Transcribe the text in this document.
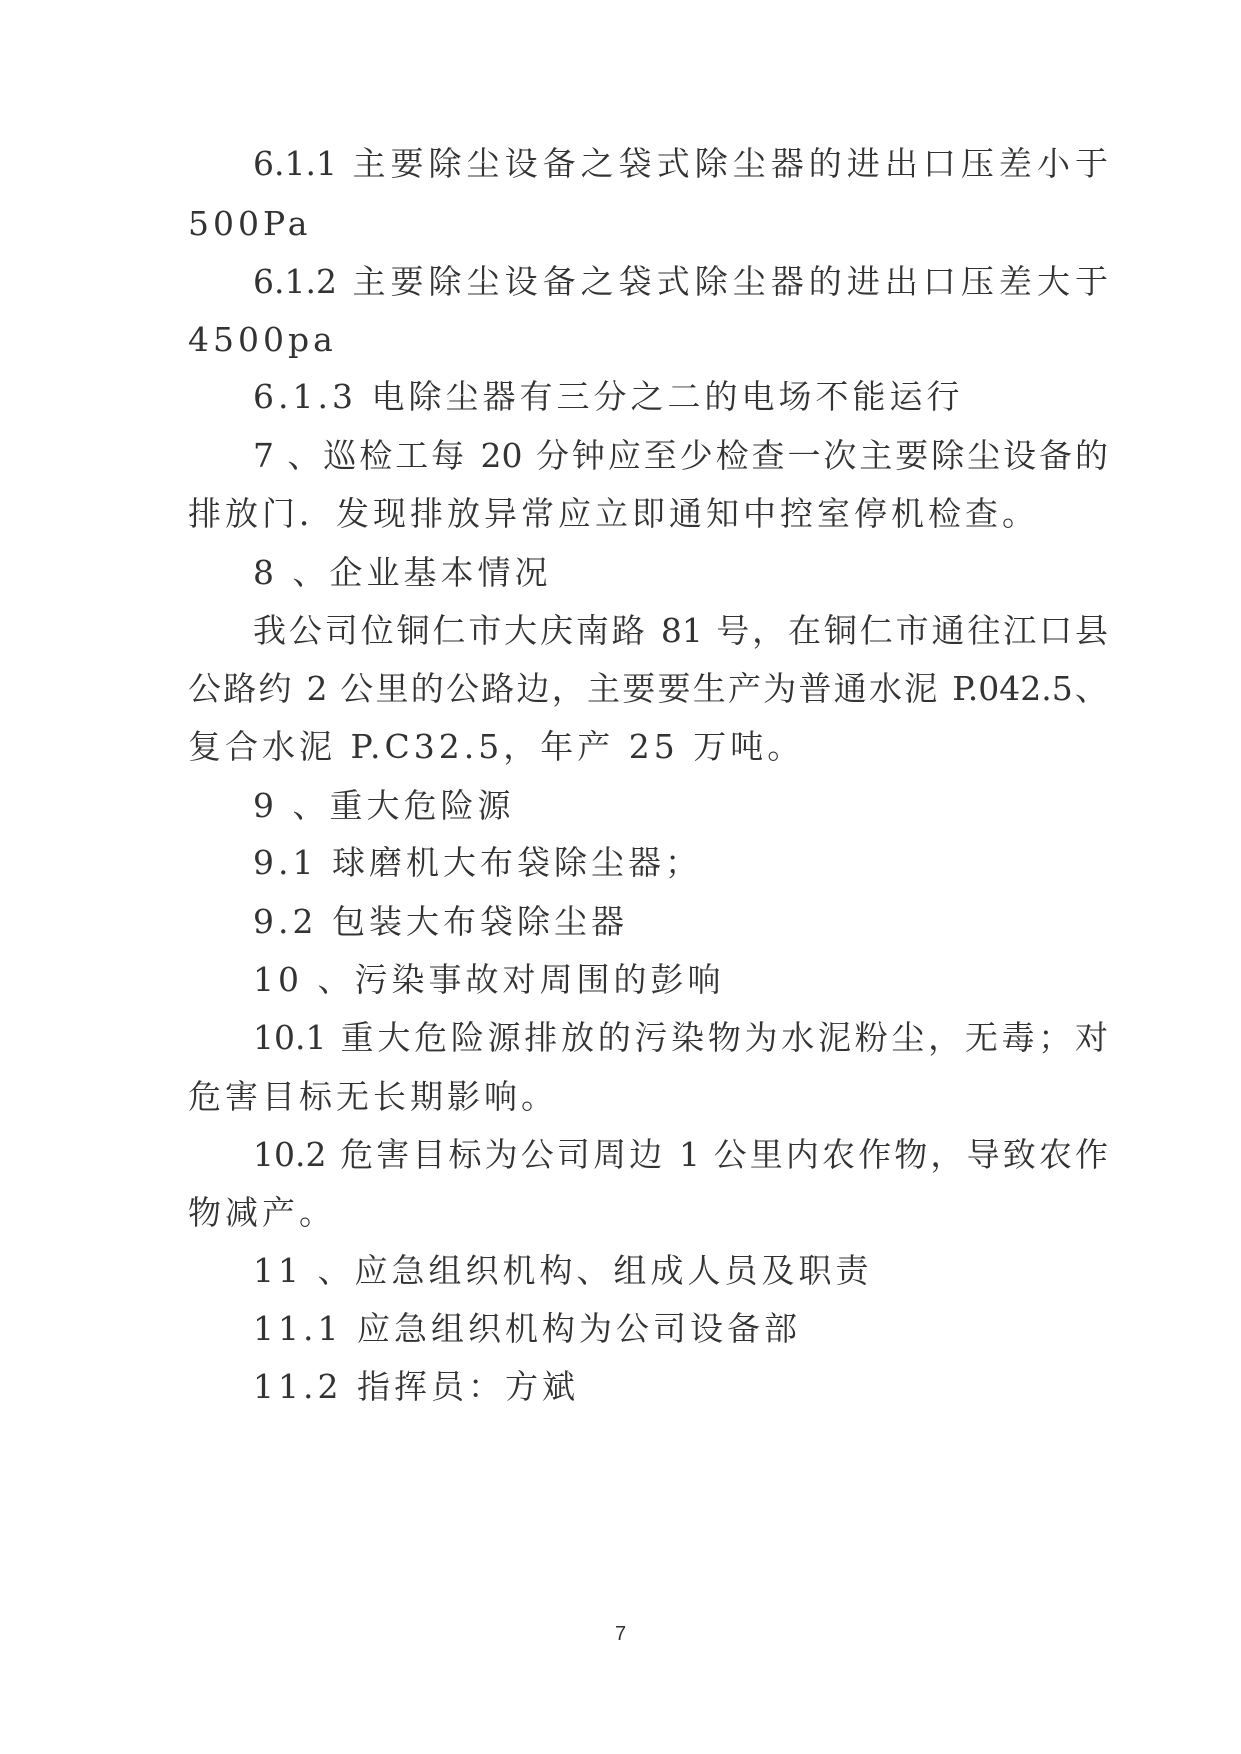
6.1.1 主要除尘设备之袋式除尘器的进出口压差小于
500Pa
6.1.2 主要除尘设备之袋式除尘器的进出口压差大于
4500pa
6.1.3 电除尘器有三分之二的电场不能运行
7 、巡检工每 20 分钟应至少检查一次主要除尘设备的
排放门．发现排放异常应立即通知中控室停机检查。
8 、企业基本情况
我公司位铜仁市大庆南路 81 号，在铜仁市通往江口县
公路约 2 公里的公路边，主要要生产为普通水泥 P.042.5、
复合水泥 P.C32.5，年产 25 万吨。
9 、重大危险源
9.1 球磨机大布袋除尘器；
9.2 包装大布袋除尘器
10 、污染事故对周围的彭响
10.1 重大危险源排放的污染物为水泥粉尘，无毒；对
危害目标无长期影响。
10.2 危害目标为公司周边 1 公里内农作物，导致农作
物减产。
11 、应急组织机构、组成人员及职责
11.1 应急组织机构为公司设备部
11.2 指挥员：方斌
7
